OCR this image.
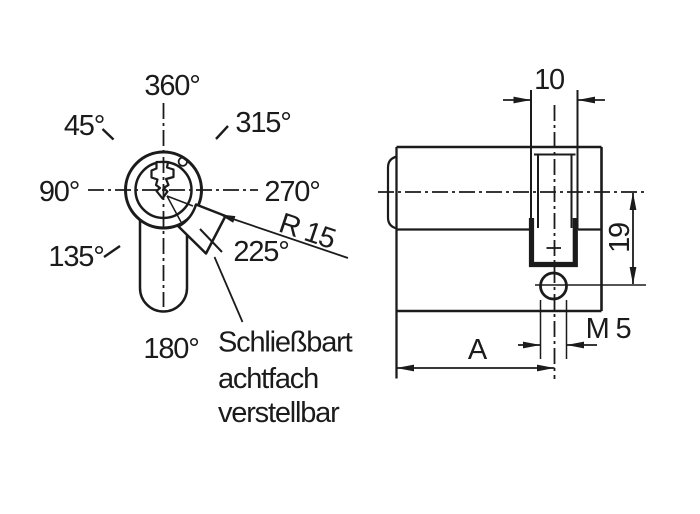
360°
45°	315°
90°	270°
135°	225°
180°
R 15
Schließbart
achtfach
verstellbar
10
19
M 5
A
